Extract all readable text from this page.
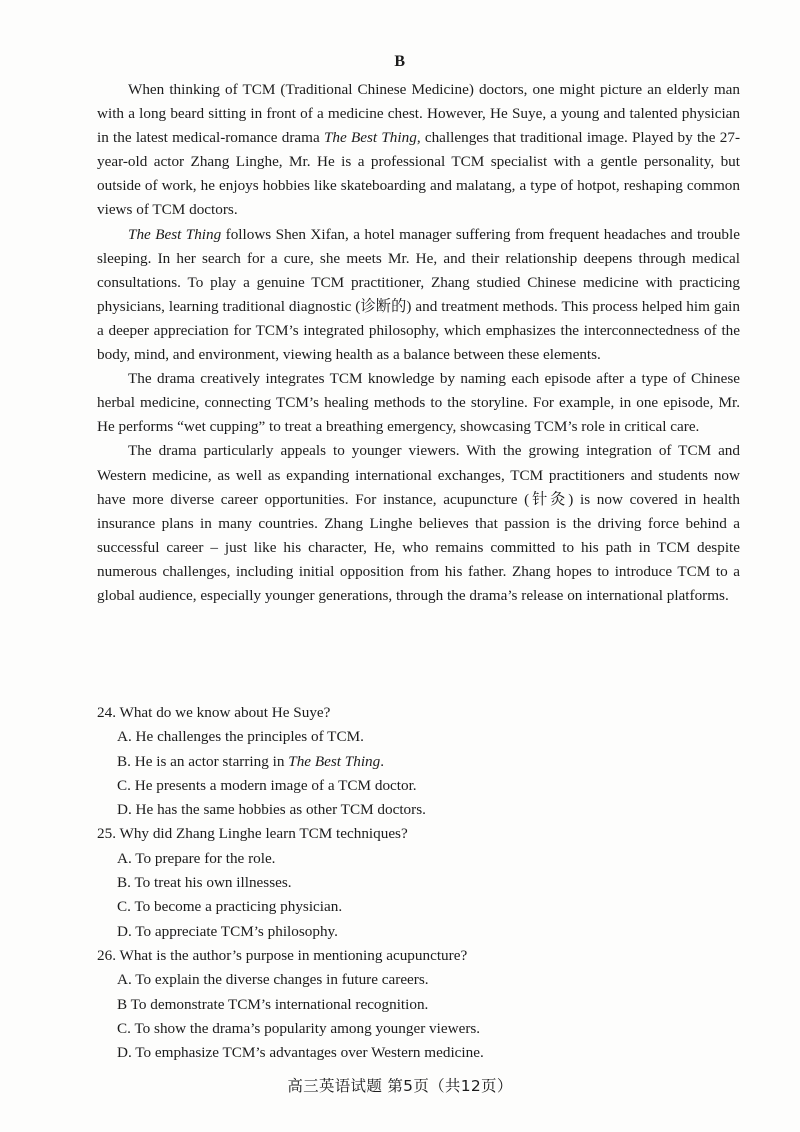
B

When thinking of TCM (Traditional Chinese Medicine) doctors, one might picture an elderly man with a long beard sitting in front of a medicine chest. However, He Suye, a young and talented physician in the latest medical-romance drama The Best Thing, challenges that traditional image. Played by the 27-year-old actor Zhang Linghe, Mr. He is a professional TCM specialist with a gentle personality, but outside of work, he enjoys hobbies like skateboarding and malatang, a type of hotpot, reshaping common views of TCM doctors.

The Best Thing follows Shen Xifan, a hotel manager suffering from frequent headaches and trouble sleeping. In her search for a cure, she meets Mr. He, and their relationship deepens through medical consultations. To play a genuine TCM practitioner, Zhang studied Chinese medicine with practicing physicians, learning traditional diagnostic (诊断的) and treatment methods. This process helped him gain a deeper appreciation for TCM’s integrated philosophy, which emphasizes the interconnectedness of the body, mind, and environment, viewing health as a balance between these elements.

The drama creatively integrates TCM knowledge by naming each episode after a type of Chinese herbal medicine, connecting TCM’s healing methods to the storyline. For example, in one episode, Mr. He performs “wet cupping” to treat a breathing emergency, showcasing TCM’s role in critical care.

The drama particularly appeals to younger viewers. With the growing integration of TCM and Western medicine, as well as expanding international exchanges, TCM practitioners and students now have more diverse career opportunities. For instance, acupuncture (针灸) is now covered in health insurance plans in many countries. Zhang Linghe believes that passion is the driving force behind a successful career – just like his character, He, who remains committed to his path in TCM despite numerous challenges, including initial opposition from his father. Zhang hopes to introduce TCM to a global audience, especially younger generations, through the drama’s release on international platforms.

24. What do we know about He Suye?
A. He challenges the principles of TCM.
B. He is an actor starring in The Best Thing.
C. He presents a modern image of a TCM doctor.
D. He has the same hobbies as other TCM doctors.
25. Why did Zhang Linghe learn TCM techniques?
A. To prepare for the role.
B. To treat his own illnesses.
C. To become a practicing physician.
D. To appreciate TCM’s philosophy.
26. What is the author’s purpose in mentioning acupuncture?
A. To explain the diverse changes in future careers.
B To demonstrate TCM’s international recognition.
C. To show the drama’s popularity among younger viewers.
D. To emphasize TCM’s advantages over Western medicine.
高三英语试题 第5页（共12页）
